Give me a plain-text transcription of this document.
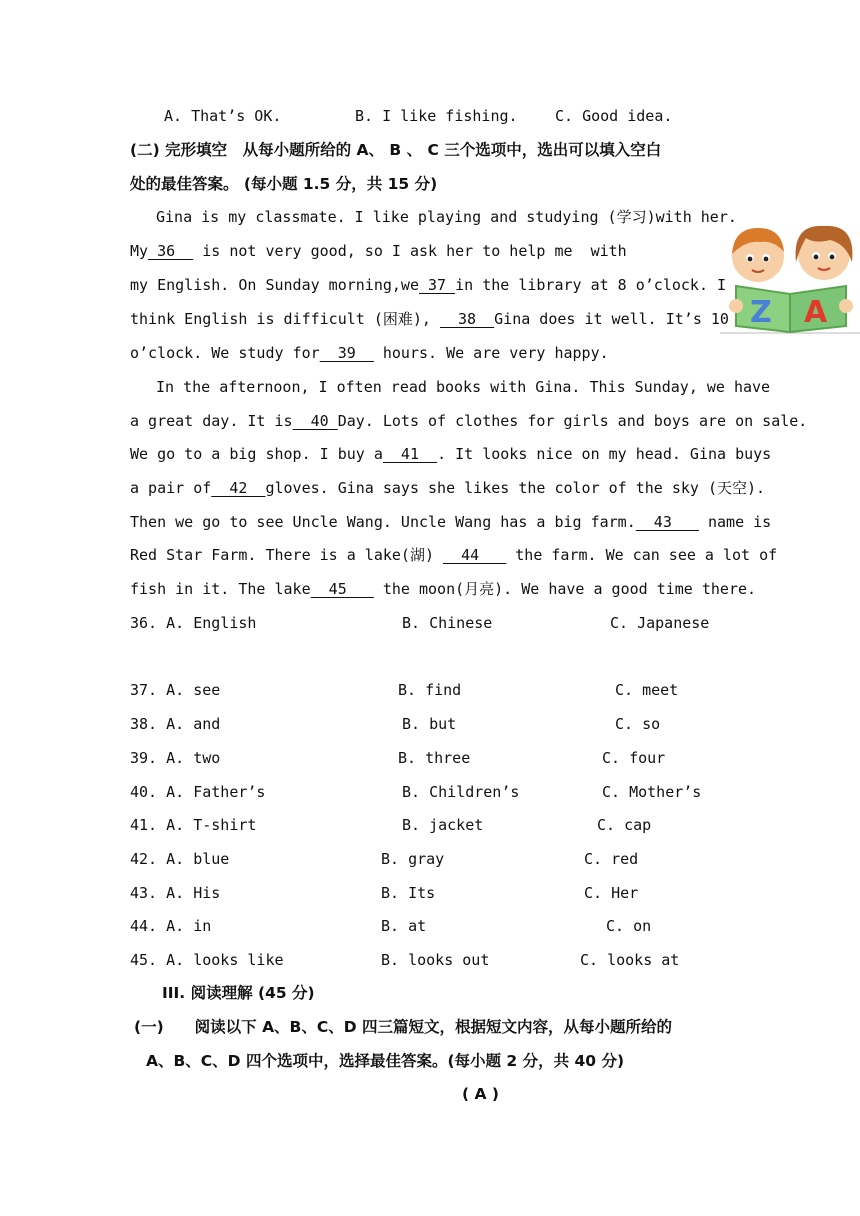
A. That’s OK.	B. I like fishing. C. Good idea.
(二) 完形填空　从每小题所给的 A、 B 、 C 三个选项中，选出可以填入空白
处的最佳答案。 (每小题 1.5 分，共 15 分)
Gina is my classmate. I like playing and studying (学习)with her.
My 36   is not very good, so I ask her to help me  with
my English. On Sunday morning,we 37 in the library at 8 o’clock. I
think English is difficult (困难),   38  Gina does it well. It’s 10
o’clock. We study for  39   hours. We are very happy.
In the afternoon, I often read books with Gina. This Sunday, we have
a great day. It is  40 Day. Lots of clothes for girls and boys are on sale.
We go to a big shop. I buy a  41  . It looks nice on my head. Gina buys
a pair of  42  gloves. Gina says she likes the color of the sky (天空).
Then we go to see Uncle Wang. Uncle Wang has a big farm.  43    name is
Red Star Farm. There is a lake(湖)   44    the farm. We can see a lot of
fish in it. The lake  45    the moon(月亮). We have a good time there.
36. A. English	B. Chinese	C. Japanese
37. A. see	B. find	C. meet
38. A. and	B. but	C. so
39. A. two	B. three	C. four
40. A. Father’s	B. Children’s	C. Mother’s
41. A. T-shirt	B. jacket	C. cap
42. A. blue	B. gray	C. red
43. A. His	B. Its	C. Her
44. A. in	B. at	C. on
45. A. looks like	B. looks out	C. looks at
III. 阅读理解 (45 分)
(一)　　阅读以下 A、B、C、D 四三篇短文，根据短文内容，从每小题所给的
A、B、C、D 四个选项中，选择最佳答案。(每小题 2 分，共 40 分)
( A )
Z A
